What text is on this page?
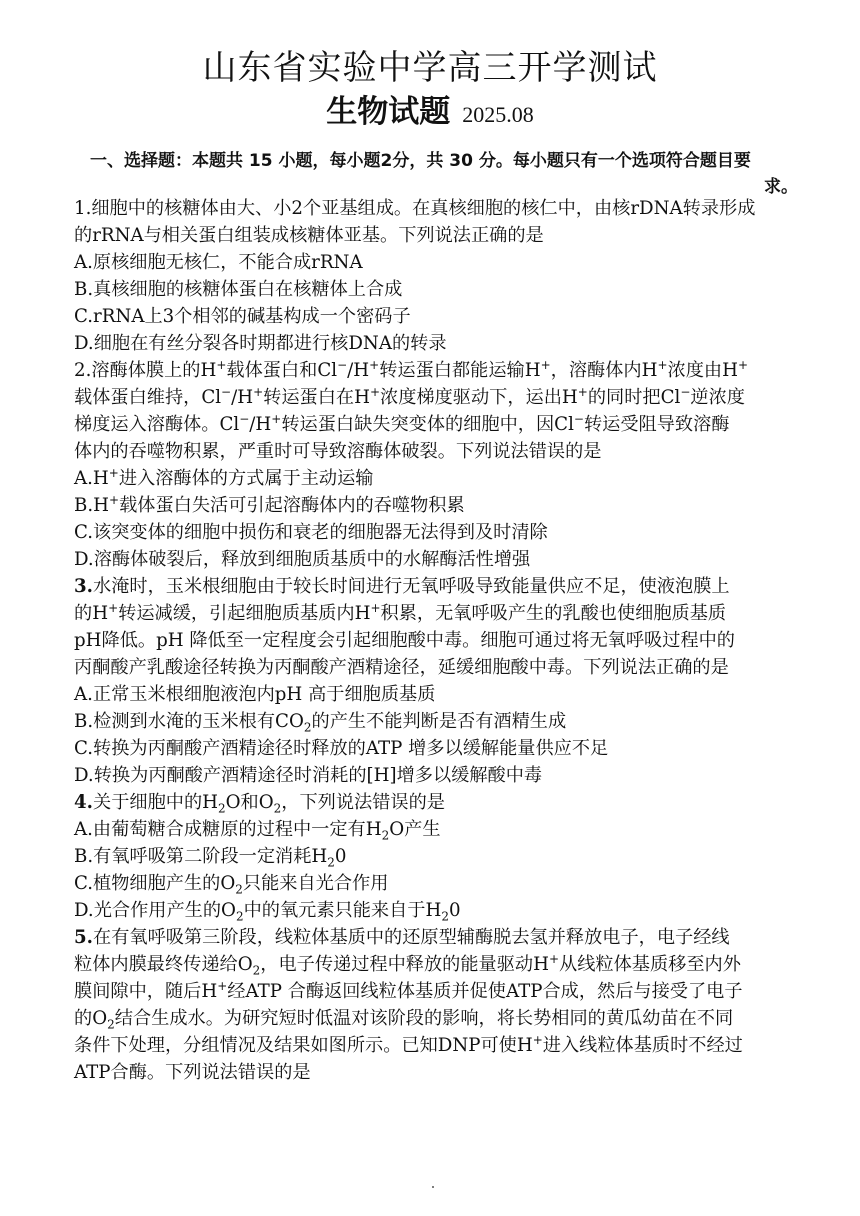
山东省实验中学高三开学测试
生物试题 2025.08
一、选择题：本题共 15 小题，每小题2分，共 30 分。每小题只有一个选项符合题目要
求。
1.细胞中的核糖体由大、小2个亚基组成。在真核细胞的核仁中，由核rDNA转录形成
的rRNA与相关蛋白组装成核糖体亚基。下列说法正确的是
A.原核细胞无核仁，不能合成rRNA
B.真核细胞的核糖体蛋白在核糖体上合成
C.rRNA上3个相邻的碱基构成一个密码子
D.细胞在有丝分裂各时期都进行核DNA的转录
2.溶酶体膜上的H+载体蛋白和Cl−/H+转运蛋白都能运输H+，溶酶体内H+浓度由H+
载体蛋白维持，Cl−/H+转运蛋白在H+浓度梯度驱动下，运出H+的同时把Cl−逆浓度
梯度运入溶酶体。Cl−/H+转运蛋白缺失突变体的细胞中，因Cl−转运受阻导致溶酶
体内的吞噬物积累，严重时可导致溶酶体破裂。下列说法错误的是
A.H+进入溶酶体的方式属于主动运输
B.H+载体蛋白失活可引起溶酶体内的吞噬物积累
C.该突变体的细胞中损伤和衰老的细胞器无法得到及时清除
D.溶酶体破裂后，释放到细胞质基质中的水解酶活性增强
3.水淹时，玉米根细胞由于较长时间进行无氧呼吸导致能量供应不足，使液泡膜上
的H+转运减缓，引起细胞质基质内H+积累，无氧呼吸产生的乳酸也使细胞质基质
pH降低。pH 降低至一定程度会引起细胞酸中毒。细胞可通过将无氧呼吸过程中的
丙酮酸产乳酸途径转换为丙酮酸产酒精途径，延缓细胞酸中毒。下列说法正确的是
A.正常玉米根细胞液泡内pH 高于细胞质基质
B.检测到水淹的玉米根有$CO_2$的产生不能判断是否有酒精生成
C.转换为丙酮酸产酒精途径时释放的ATP 增多以缓解能量供应不足
D.转换为丙酮酸产酒精途径时消耗的[H]增多以缓解酸中毒
4.关于细胞中的$H_2O$和$O_2$，下列说法错误的是
A.由葡萄糖合成糖原的过程中一定有$H_2O$产生
B.有氧呼吸第二阶段一定消耗$H_20$
C.植物细胞产生的$O_2$只能来自光合作用
D.光合作用产生的$O_2$中的氧元素只能来自于$H_20$
5.在有氧呼吸第三阶段，线粒体基质中的还原型辅酶脱去氢并释放电子，电子经线
粒体内膜最终传递给$O_2$，电子传递过程中释放的能量驱动H+从线粒体基质移至内外
膜间隙中，随后H+经ATP 合酶返回线粒体基质并促使ATP合成，然后与接受了电子
的$O_2$结合生成水。为研究短时低温对该阶段的影响，将长势相同的黄瓜幼苗在不同
条件下处理，分组情况及结果如图所示。已知DNP可使H+进入线粒体基质时不经过
ATP合酶。下列说法错误的是
